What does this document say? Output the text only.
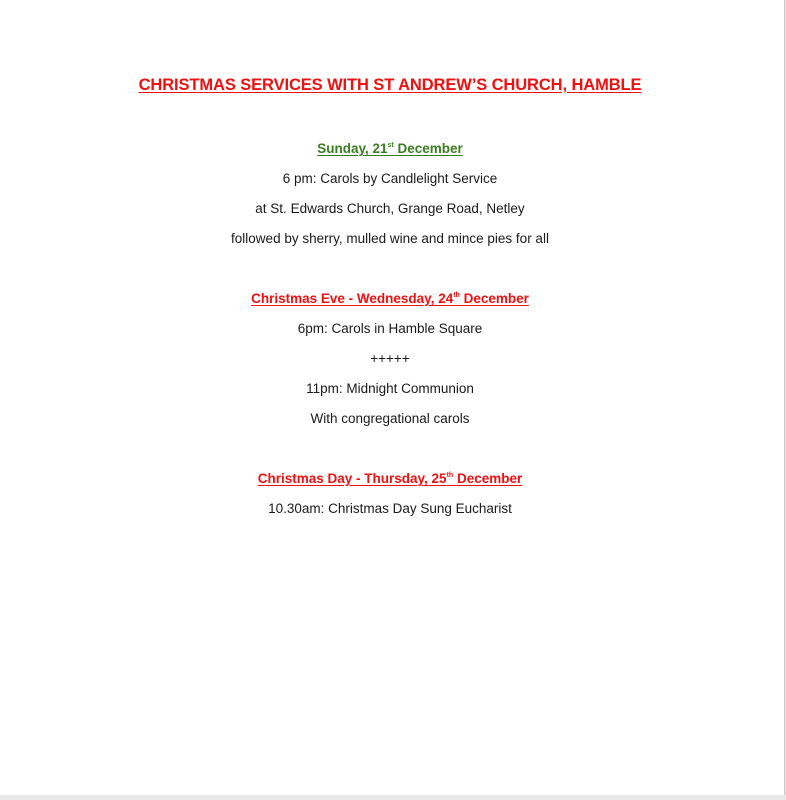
CHRISTMAS SERVICES WITH ST ANDREW’S CHURCH, HAMBLE
Sunday, 21st December
6 pm: Carols by Candlelight Service
at St. Edwards Church, Grange Road, Netley
followed by sherry, mulled wine and mince pies for all
Christmas Eve - Wednesday, 24th December
6pm: Carols in Hamble Square
+++++
11pm: Midnight Communion
With congregational carols
Christmas Day - Thursday, 25th December
10.30am: Christmas Day Sung Eucharist
